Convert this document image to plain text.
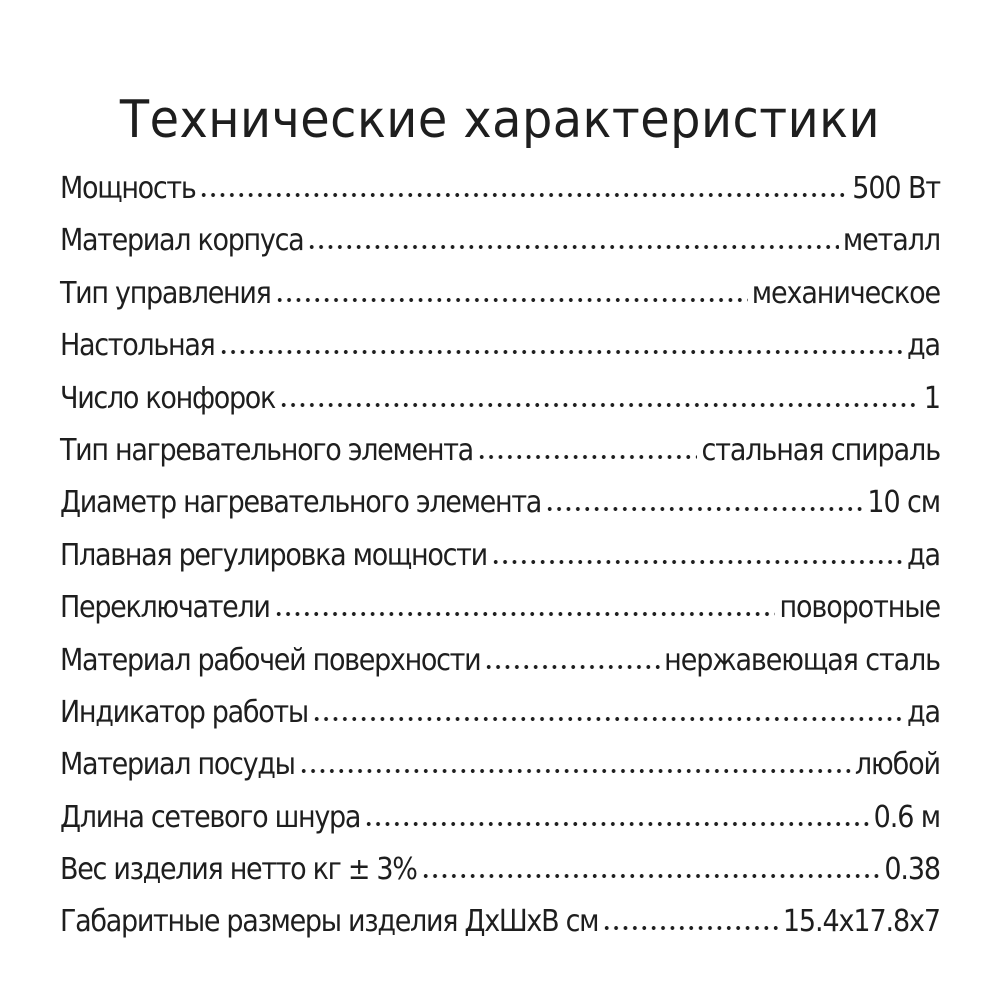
Технические характеристики
Мощность	500 Вт
Материал корпуса	металл
Тип управления	механическое
Настольная	да
Число конфорок	1
Тип нагревательного элемента	стальная спираль
Диаметр нагревательного элемента	10 см
Плавная регулировка мощности	да
Переключатели	поворотные
Материал рабочей поверхности	нержавеющая сталь
Индикатор работы	да
Материал посуды	любой
Длина сетевого шнура	0.6 м
Вес изделия нетто кг ± 3%	0.38
Габаритные размеры изделия ДхШхВ см	15.4x17.8x7
